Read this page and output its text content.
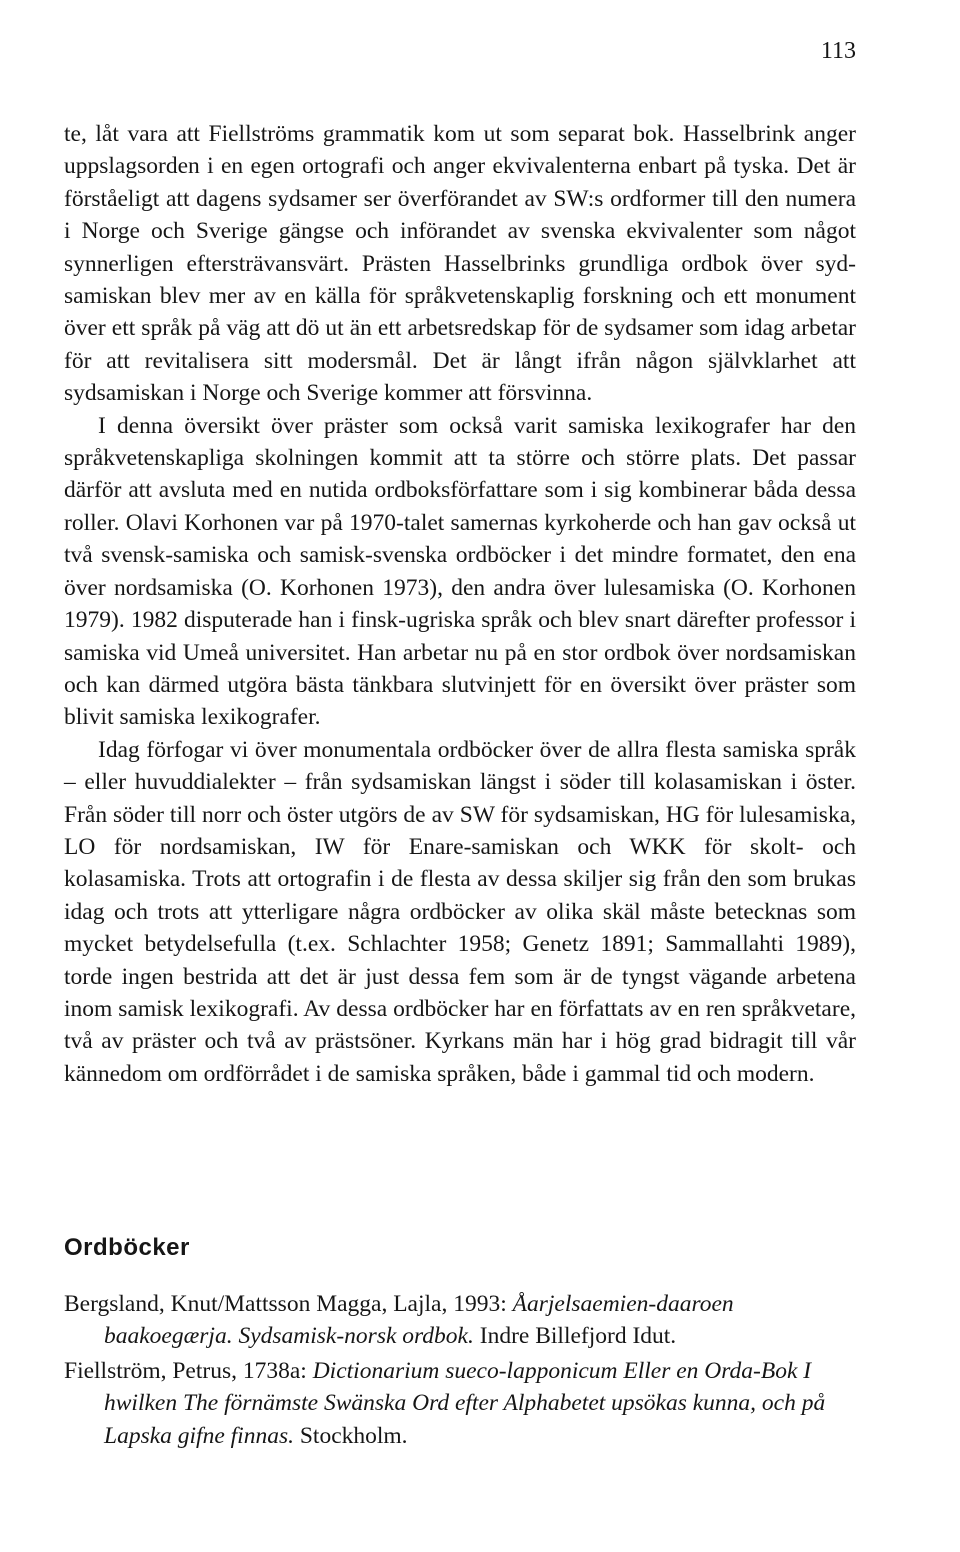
113

te, låt vara att Fiellströms grammatik kom ut som separat bok. Hasselbrink anger uppslagsorden i en egen ortografi och anger ekvivalenterna enbart på tyska. Det är förståeligt att dagens sydsamer ser överförandet av SW:s ordformer till den numera i Norge och Sverige gängse och införandet av svenska ekvivalenter som något synnerligen eftersträvansvärt. Prästen Hasselbrinks grundliga ordbok över sydsamiskan blev mer av en källa för språkvetenskaplig forskning och ett monument över ett språk på väg att dö ut än ett arbetsredskap för de sydsamer som idag arbetar för att revitalisera sitt modersmål. Det är långt ifrån någon självklarhet att sydsamiskan i Norge och Sverige kommer att försvinna.

I denna översikt över präster som också varit samiska lexikografer har den språkvetenskapliga skolningen kommit att ta större och större plats. Det passar därför att avsluta med en nutida ordboksförfattare som i sig kombinerar båda dessa roller. Olavi Korhonen var på 1970-talet samernas kyrkoherde och han gav också ut två svensk-samiska och samisk-svenska ordböcker i det mindre formatet, den ena över nordsamiska (O. Korhonen 1973), den andra över lulesamiska (O. Korhonen 1979). 1982 disputerade han i finsk-ugriska språk och blev snart därefter professor i samiska vid Umeå universitet. Han arbetar nu på en stor ordbok över nordsamiskan och kan därmed utgöra bästa tänkbara slutvinjett för en översikt över präster som blivit samiska lexikografer.

Idag förfogar vi över monumentala ordböcker över de allra flesta samiska språk – eller huvuddialekter – från sydsamiskan längst i söder till kolasamiskan i öster. Från söder till norr och öster utgörs de av SW för sydsamiskan, HG för lulesamiska, LO för nordsamiskan, IW för Enare-samiskan och WKK för skolt- och kolasamiska. Trots att ortografin i de flesta av dessa skiljer sig från den som brukas idag och trots att ytterligare några ordböcker av olika skäl måste betecknas som mycket betydelsefulla (t.ex. Schlachter 1958; Genetz 1891; Sammallahti 1989), torde ingen bestrida att det är just dessa fem som är de tyngst vägande arbetena inom samisk lexikografi. Av dessa ordböcker har en författats av en ren språkvetare, två av präster och två av prästsöner. Kyrkans män har i hög grad bidragit till vår kännedom om ordförrådet i de samiska språken, både i gammal tid och modern.

Ordböcker

Bergsland, Knut/Mattsson Magga, Lajla, 1993: Åarjelsaemien-daaroen baakoegærja. Sydsamisk-norsk ordbok. Indre Billefjord Idut.

Fiellström, Petrus, 1738a: Dictionarium sueco-lapponicum Eller en Orda-Bok I hwilken The förnämste Swänska Ord efter Alphabetet upsökas kunna, och på Lapska gifne finnas. Stockholm.
